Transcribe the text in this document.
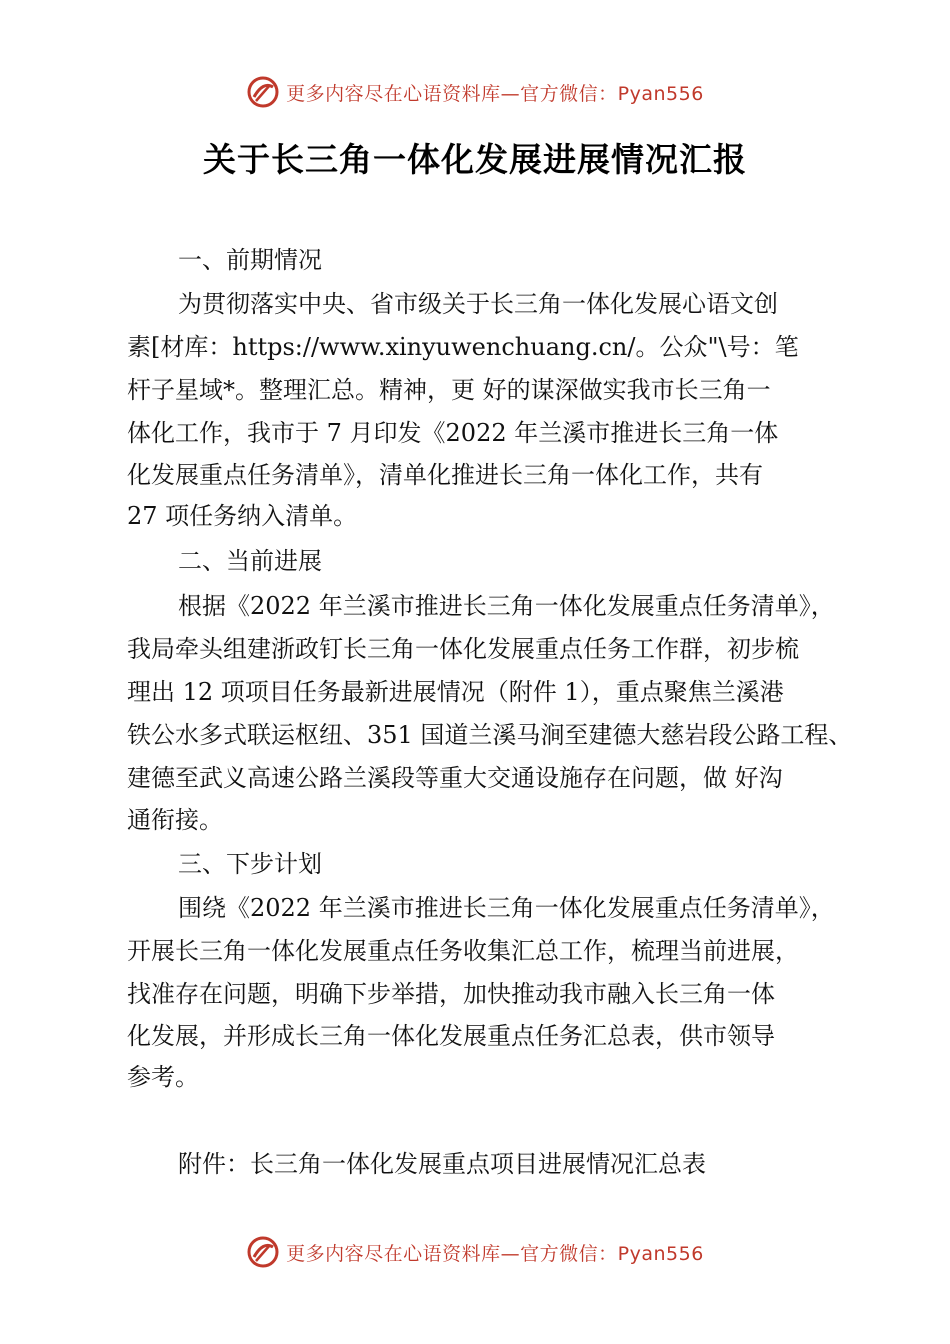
更多内容尽在心语资料库—官方微信：Pyan556
关于长三角一体化发展进展情况汇报
一、前期情况
为贯彻落实中央、省市级关于长三角一体化发展心语文创
素[材库：https://www.xinyuwenchuang.cn/。公众"\号：笔
杆子星域*。整理汇总。精神，更 好的谋深做实我市长三角一
体化工作，我市于 7 月印发《2022 年兰溪市推进长三角一体
化发展重点任务清单》，清单化推进长三角一体化工作，共有
27 项任务纳入清单。
二、当前进展
根据《2022 年兰溪市推进长三角一体化发展重点任务清单》，
我局牵头组建浙政钉长三角一体化发展重点任务工作群，初步梳
理出 12 项项目任务最新进展情况（附件 1），重点聚焦兰溪港
铁公水多式联运枢纽、351 国道兰溪马涧至建德大慈岩段公路工程、
建德至武义高速公路兰溪段等重大交通设施存在问题，做 好沟
通衔接。
三、下步计划
围绕《2022 年兰溪市推进长三角一体化发展重点任务清单》，
开展长三角一体化发展重点任务收集汇总工作，梳理当前进展，
找准存在问题，明确下步举措，加快推动我市融入长三角一体
化发展，并形成长三角一体化发展重点任务汇总表，供市领导
参考。
附件：长三角一体化发展重点项目进展情况汇总表
更多内容尽在心语资料库—官方微信：Pyan556
